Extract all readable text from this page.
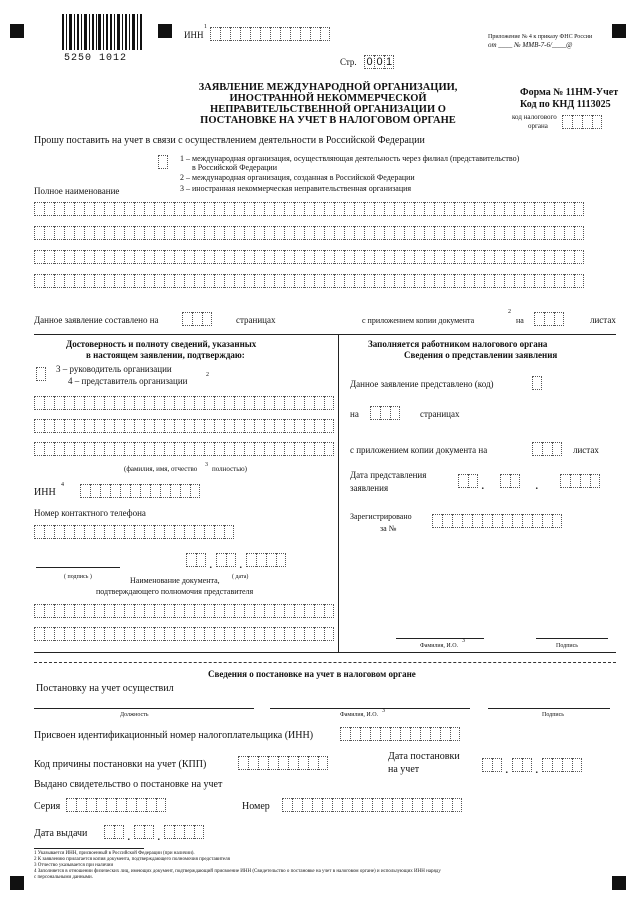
5250 1012
ИНН
1
Стр. 0 0 1
Приложение № 4 к приказу ФНС России
от ____ № ММВ-7-6/____@
ЗАЯВЛЕНИЕ МЕЖДУНАРОДНОЙ ОРГАНИЗАЦИИ, ИНОСТРАННОЙ НЕКОММЕРЧЕСКОЙ НЕПРАВИТЕЛЬСТВЕННОЙ ОРГАНИЗАЦИИ О ПОСТАНОВКЕ НА УЧЕТ В НАЛОГОВОМ ОРГАНЕ
Форма № 11НМ-Учет
Код по КНД 1113025
код налогового
органа
Прошу поставить на учет в связи с осуществлением деятельности в Российской Федерации
1 – международная организация, осуществляющая деятельность через филиал (представительство)
в Российской Федерации
2 – международная организация, созданная в Российской Федерации
3 – иностранная некоммерческая неправительственная организация
Полное наименование
Данное заявление составлено на	страницах	с приложением копии документа
2
на	листах
Достоверность и полноту сведений, указанных
в настоящем заявлении, подтверждаю:
3 – руководитель организации
4 – представитель организации
2
(фамилия, имя, отчество 3 полностью)
ИНН
4
Номер контактного телефона
. .
( подпись )	( дата)
Наименование документа,
подтверждающего полномочия представителя
Заполняется работником налогового органа
Сведения о представлении заявления
Данное заявление представлено (код)
на	страницах
с приложением копии документа на	листах
Дата представления
заявления	.	.
Зарегистрировано
за №
Фамилия, И.О.
3
Подпись
Сведения о постановке на учет в налоговом органе
Постановку на учет осуществил
Должность	Фамилия, И.О.
3
Подпись
Присвоен идентификационный номер налогоплательщика (ИНН)
Код причины постановки на учет (КПП)
Дата постановки
на учет	. .
Выдано свидетельство о постановке на учет
Серия	Номер
Дата выдачи	. .
1 Указывается ИНН, присвоенный в Российской Федерации (при наличии).
2 К заявлению прилагается копия документа, подтверждающего полномочия представителя
3 Отчество указывается при наличии
4 Заполняется в отношении физических лиц, имеющих документ, подтверждающий присвоение ИНН (Свидетельство о постановке на учет в налоговом органе) и использующих ИНН наряду
с персональными данными.
